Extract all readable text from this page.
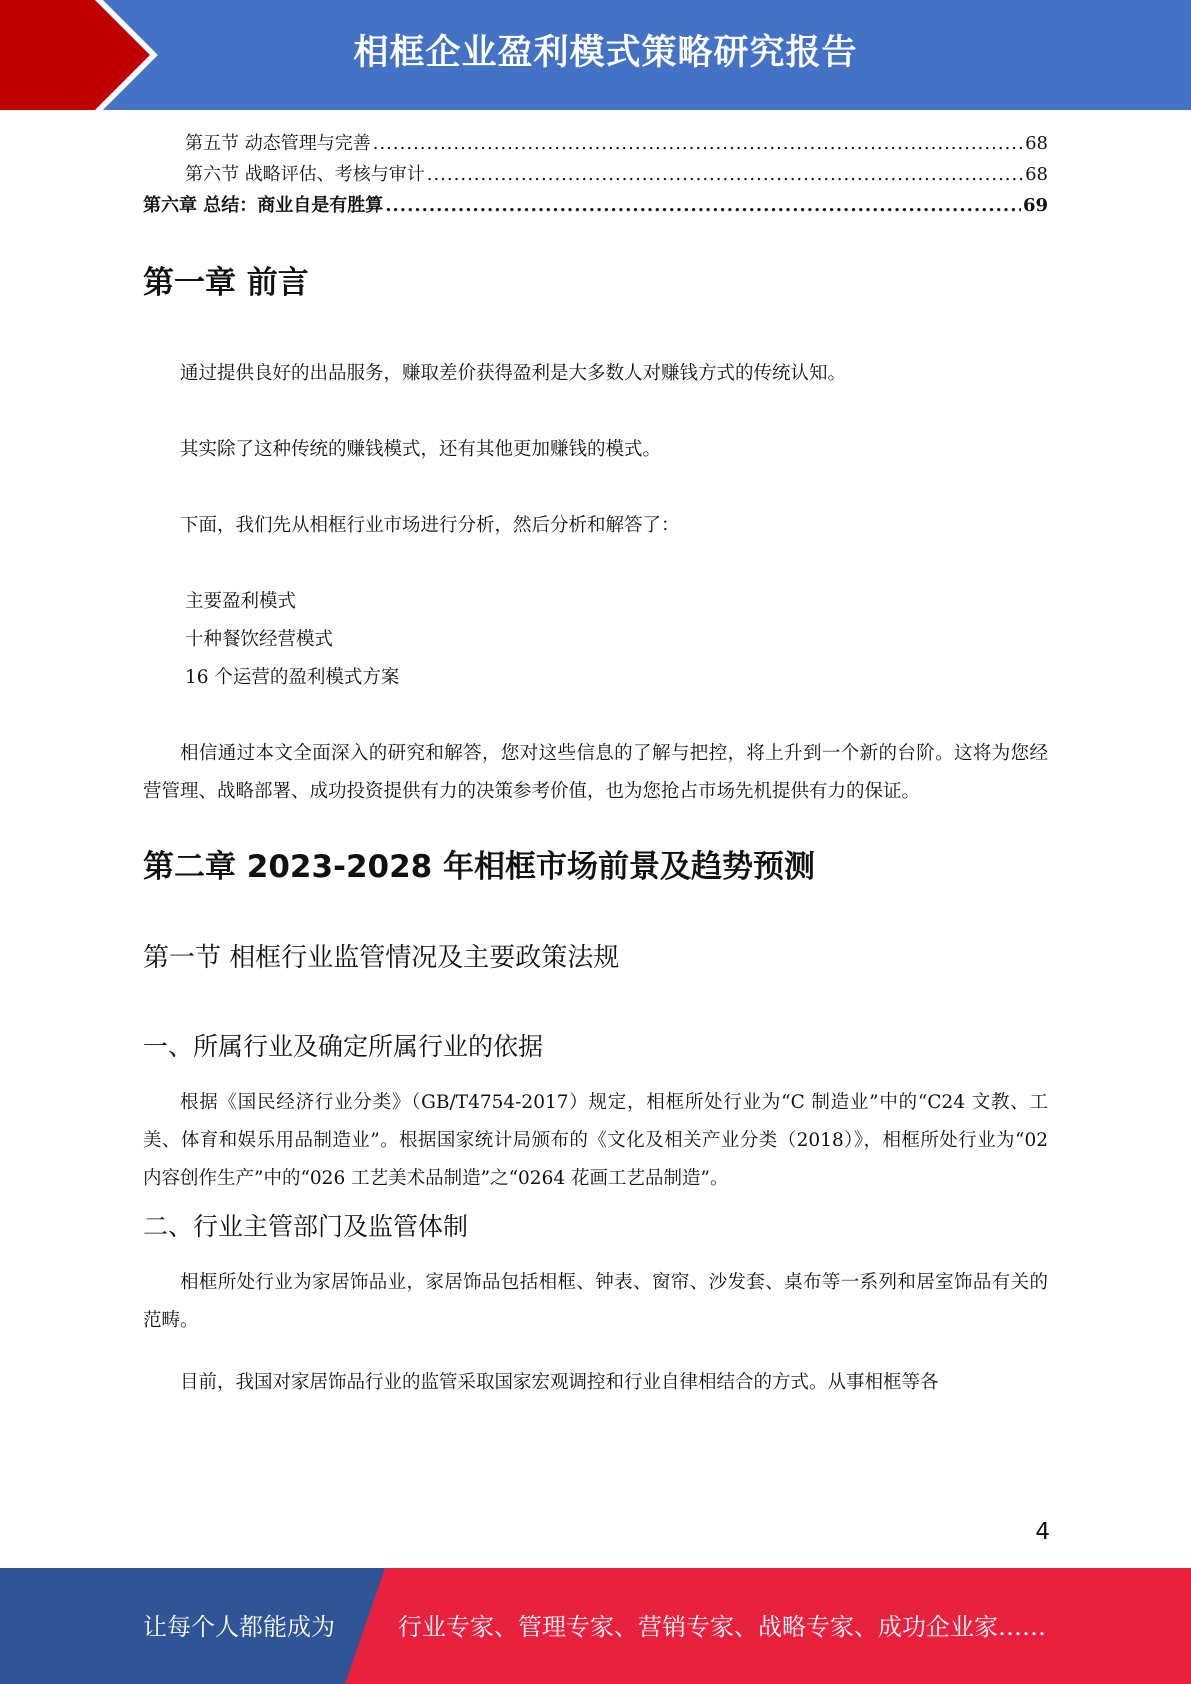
相框企业盈利模式策略研究报告
第五节 动态管理与完善 .....	68
第六节 战略评估、考核与审计 .....	68
第六章 总结：商业自是有胜算 .....	69
第一章 前言

通过提供良好的出品服务，赚取差价获得盈利是大多数人对赚钱方式的传统认知。

其实除了这种传统的赚钱模式，还有其他更加赚钱的模式。

下面，我们先从相框行业市场进行分析，然后分析和解答了：

主要盈利模式

十种餐饮经营模式

16 个运营的盈利模式方案

相信通过本文全面深入的研究和解答，您对这些信息的了解与把控，将上升到一个新的台阶。这将为您经营管理、战略部署、成功投资提供有力的决策参考价值，也为您抢占市场先机提供有力的保证。

第二章 2023-2028 年相框市场前景及趋势预测
第一节 相框行业监管情况及主要政策法规
一、所属行业及确定所属行业的依据

根据《国民经济行业分类》（GB/T4754-2017）规定，相框所处行业为“C 制造业”中的“C24 文教、工美、体育和娱乐用品制造业”。根据国家统计局颁布的《文化及相关产业分类（2018）》，相框所处行业为“02 内容创作生产”中的“026 工艺美术品制造”之“0264 花画工艺品制造”。

二、行业主管部门及监管体制

相框所处行业为家居饰品业，家居饰品包括相框、钟表、窗帘、沙发套、桌布等一系列和居室饰品有关的范畴。

目前，我国对家居饰品行业的监管采取国家宏观调控和行业自律相结合的方式。从事相框等各

4
让每个人都能成为	行业专家、管理专家、营销专家、战略专家、成功企业家……
